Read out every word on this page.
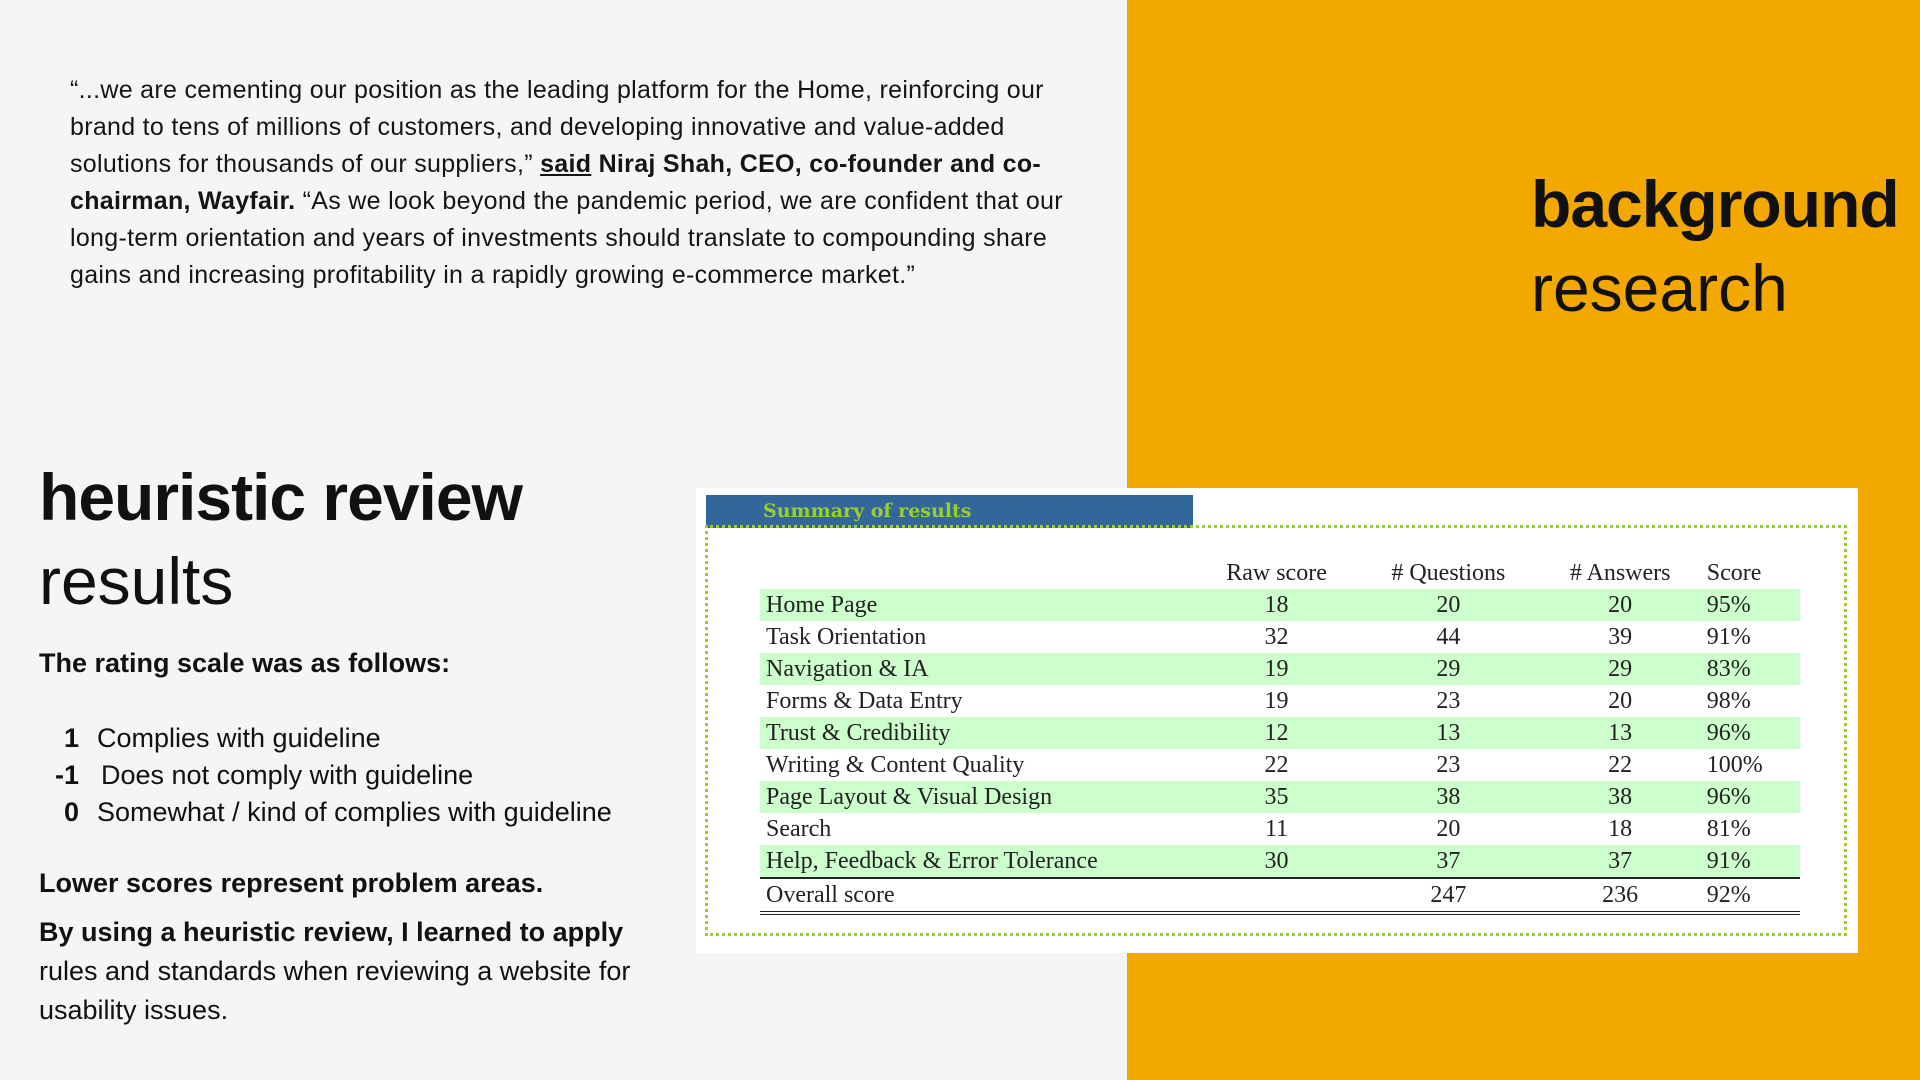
“...we are cementing our position as the leading platform for the Home, reinforcing our brand to tens of millions of customers, and developing innovative and value-added solutions for thousands of our suppliers,” said Niraj Shah, CEO, co-founder and co-chairman, Wayfair. “As we look beyond the pandemic period, we are confident that our long-term orientation and years of investments should translate to compounding share gains and increasing profitability in a rapidly growing e-commerce market.”

background
research
heuristic review
results
The rating scale was as follows:
1 Complies with guideline
-1 Does not comply with guideline
0 Somewhat / kind of complies with guideline
Lower scores represent problem areas.

By using a heuristic review, I learned to apply rules and standards when reviewing a website for usability issues.

Summary of results
	Raw score	# Questions	# Answers	Score
Home Page	18	20	20	95%
Task Orientation	32	44	39	91%
Navigation & IA	19	29	29	83%
Forms & Data Entry	19	23	20	98%
Trust & Credibility	12	13	13	96%
Writing & Content Quality	22	23	22	100%
Page Layout & Visual Design	35	38	38	96%
Search	11	20	18	81%
Help, Feedback & Error Tolerance	30	37	37	91%
Overall score		247	236	92%
